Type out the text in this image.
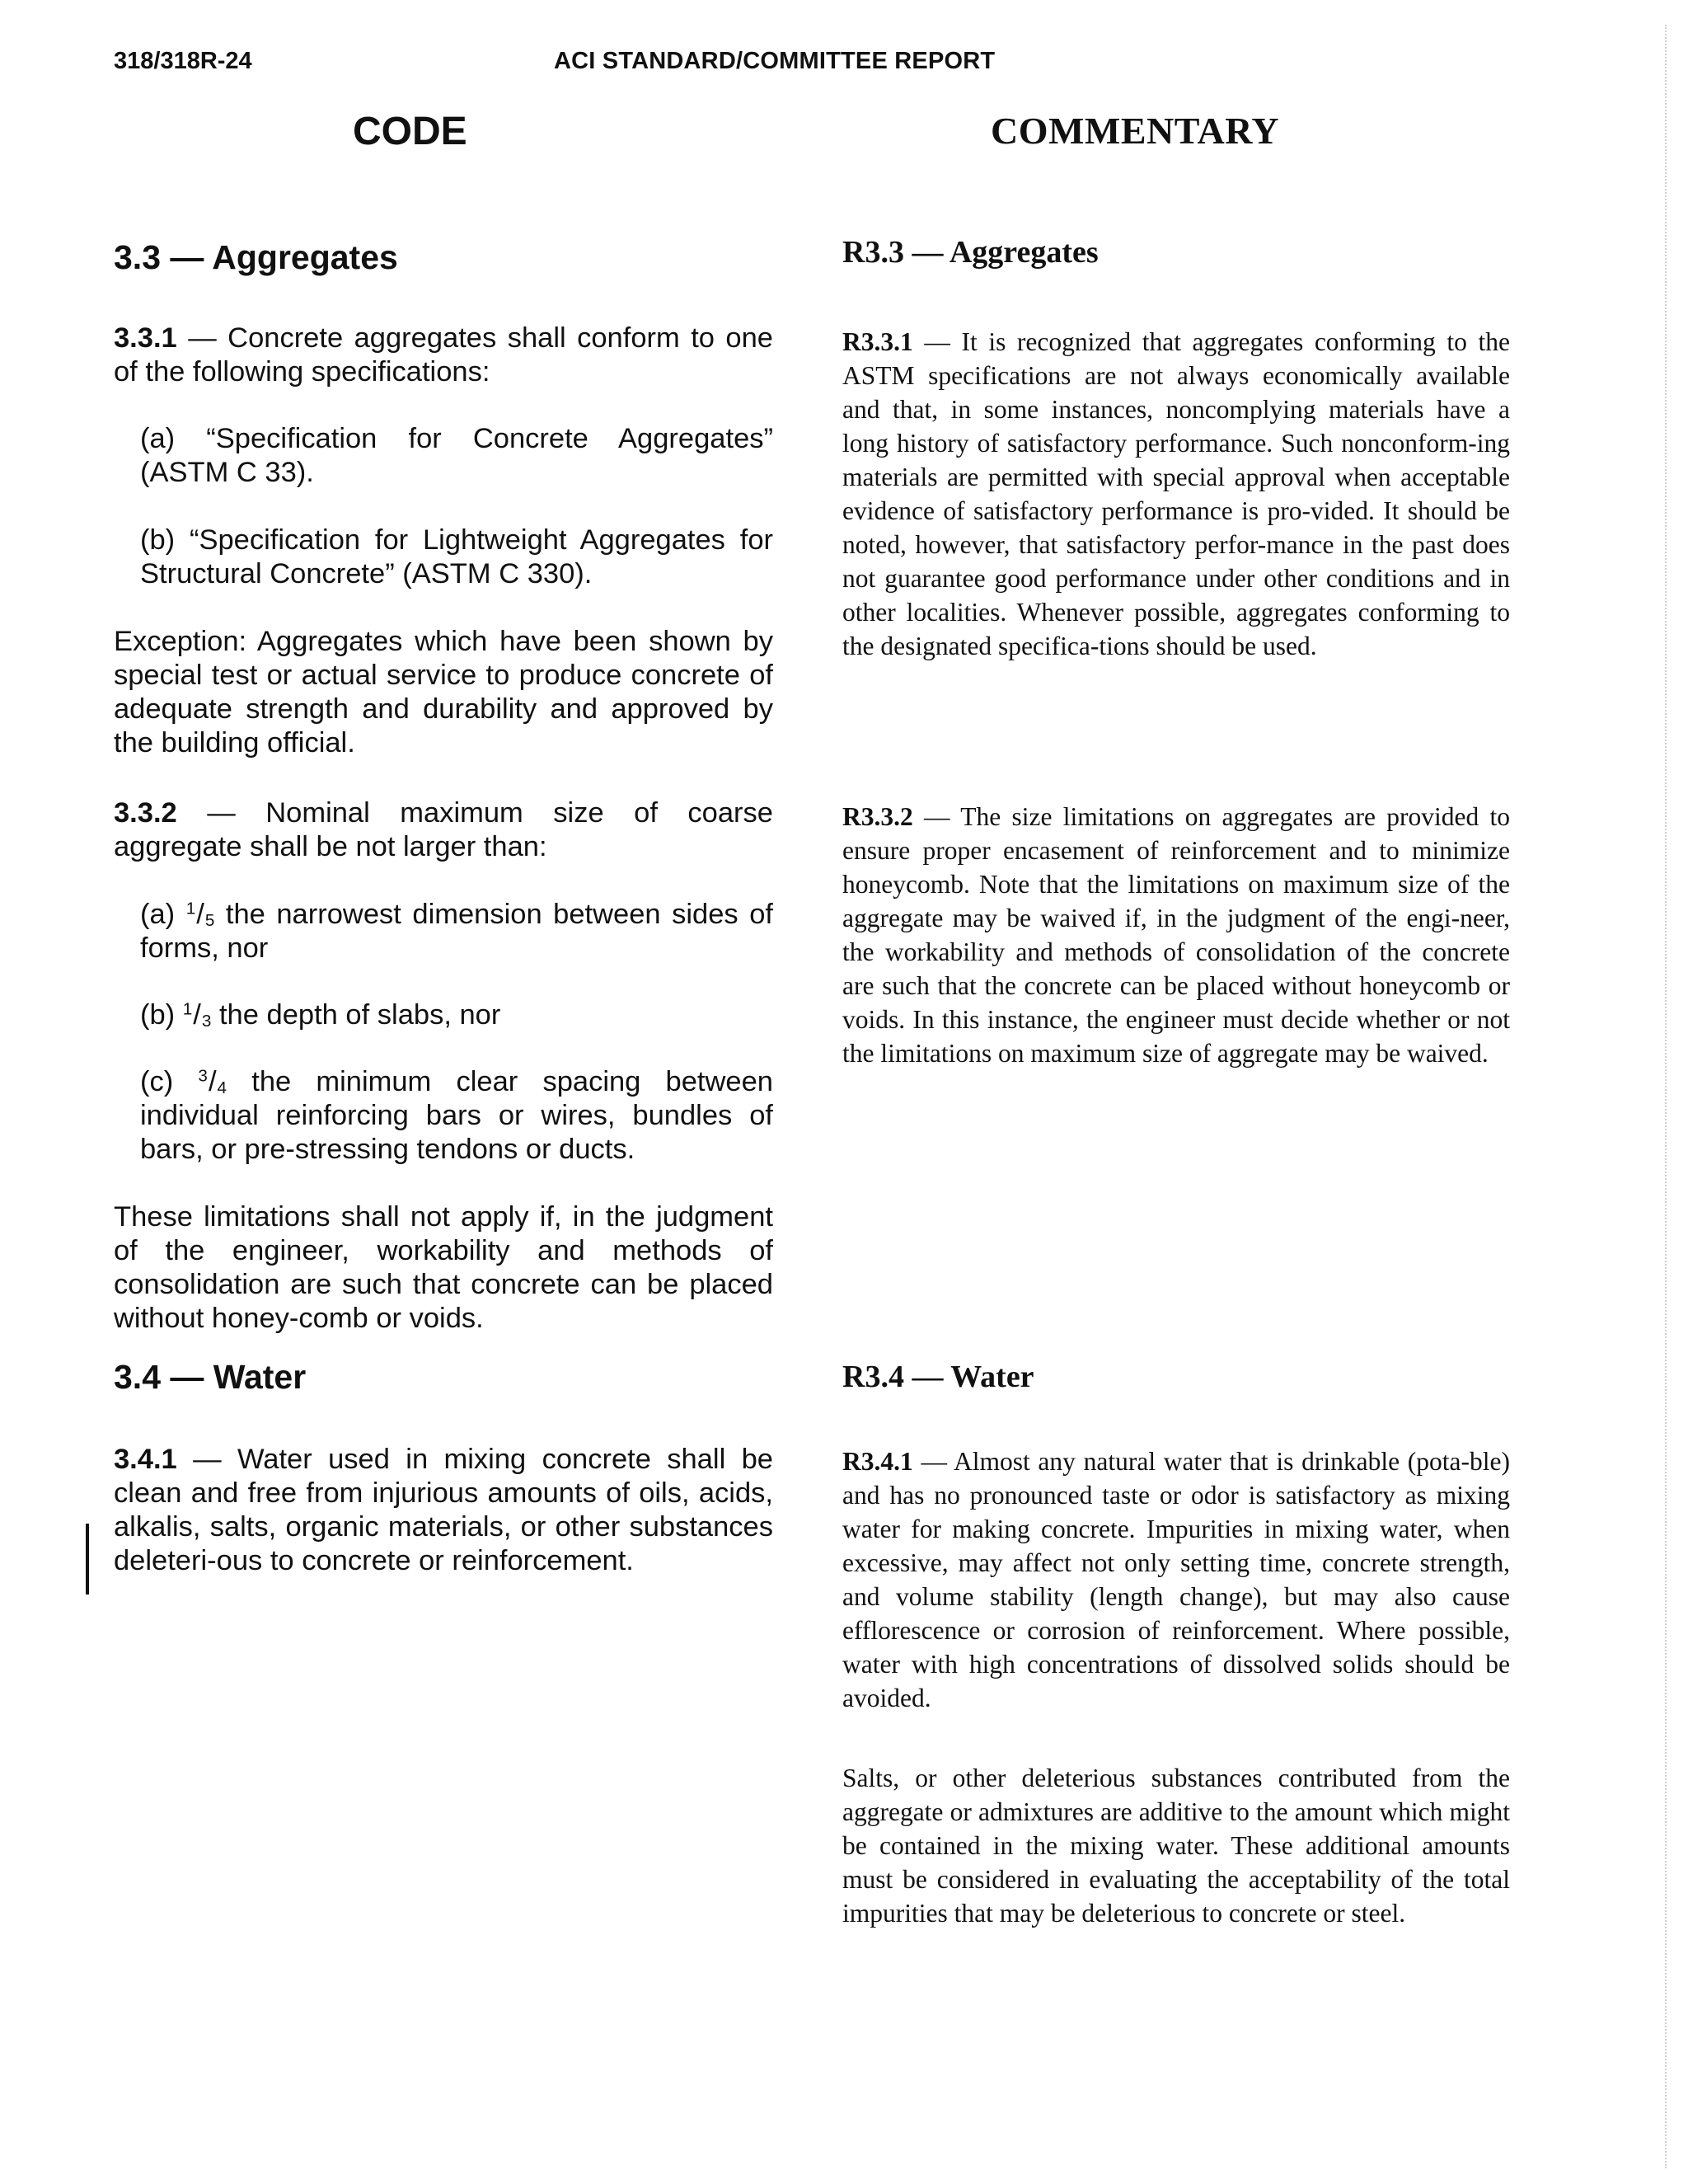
318/318R-24	ACI STANDARD/COMMITTEE REPORT
CODE	COMMENTARY
3.3 — Aggregates

3.3.1 — Concrete aggregates shall conform to one of the following specifications:

(a) “Specification for Concrete Aggregates” (ASTM C 33).

(b) “Specification for Lightweight Aggregates for Structural Concrete” (ASTM C 330).

Exception: Aggregates which have been shown by special test or actual service to produce concrete of adequate strength and durability and approved by the building official.

3.3.2 — Nominal maximum size of coarse aggregate shall be not larger than:

(a) $^1/_5$ the narrowest dimension between sides of forms, nor

(b) $^1/_3$ the depth of slabs, nor

(c) $^3/_4$ the minimum clear spacing between individual reinforcing bars or wires, bundles of bars, or pre-stressing tendons or ducts.

These limitations shall not apply if, in the judgment of the engineer, workability and methods of consolidation are such that concrete can be placed without honey-comb or voids.

3.4 — Water

3.4.1 — Water used in mixing concrete shall be clean and free from injurious amounts of oils, acids, alkalis, salts, organic materials, or other substances deleteri-ous to concrete or reinforcement.

R3.3 — Aggregates

R3.3.1 — It is recognized that aggregates conforming to the ASTM specifications are not always economically available and that, in some instances, noncomplying materials have a long history of satisfactory performance. Such nonconform-ing materials are permitted with special approval when acceptable evidence of satisfactory performance is pro-vided. It should be noted, however, that satisfactory perfor-mance in the past does not guarantee good performance under other conditions and in other localities. Whenever possible, aggregates conforming to the designated specifica-tions should be used.

R3.3.2 — The size limitations on aggregates are provided to ensure proper encasement of reinforcement and to minimize honeycomb. Note that the limitations on maximum size of the aggregate may be waived if, in the judgment of the engi-neer, the workability and methods of consolidation of the concrete are such that the concrete can be placed without honeycomb or voids. In this instance, the engineer must decide whether or not the limitations on maximum size of aggregate may be waived.

R3.4 — Water

R3.4.1 — Almost any natural water that is drinkable (pota-ble) and has no pronounced taste or odor is satisfactory as mixing water for making concrete. Impurities in mixing water, when excessive, may affect not only setting time, concrete strength, and volume stability (length change), but may also cause efflorescence or corrosion of reinforcement. Where possible, water with high concentrations of dissolved solids should be avoided.

Salts, or other deleterious substances contributed from the aggregate or admixtures are additive to the amount which might be contained in the mixing water. These additional amounts must be considered in evaluating the acceptability of the total impurities that may be deleterious to concrete or steel.
